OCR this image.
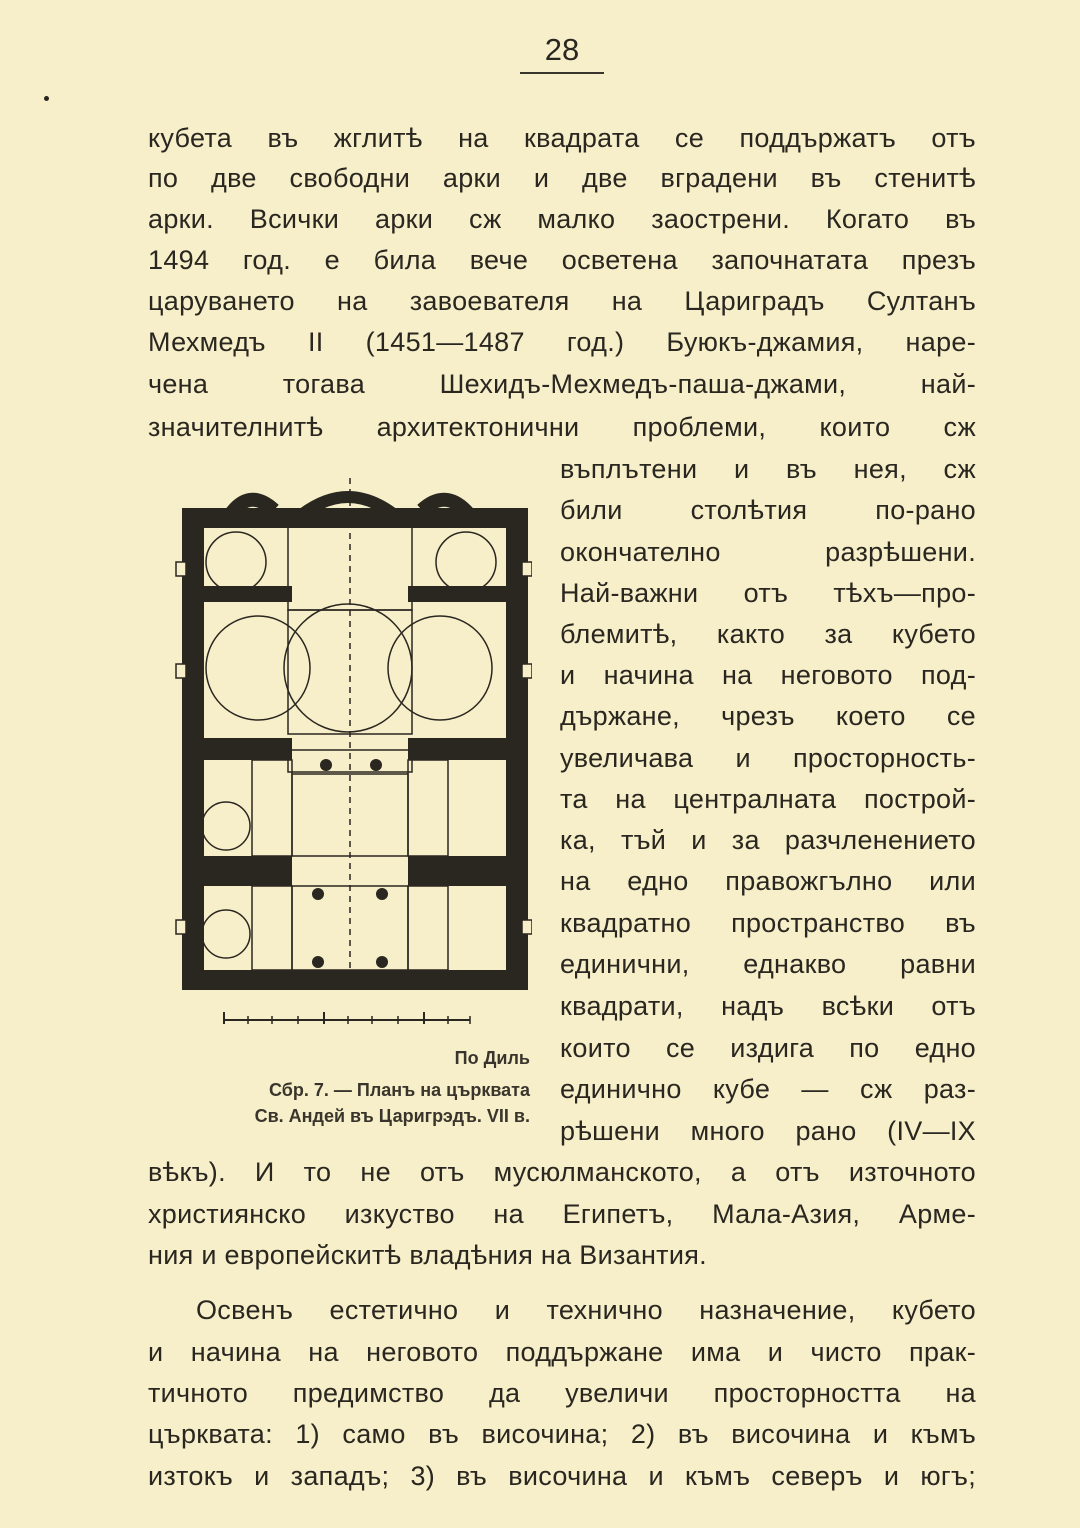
28
кубета въ жглитѣ на квадрата се поддържатъ отъ
по две свободни арки и две вградени въ стенитѣ
арки. Всички арки сж малко заострени. Когато въ
1494 год. е била вече осветена започнатата презъ
царуването на завоевателя на Цариградъ Султанъ
Мехмедъ II (1451—1487 год.) Буюкъ-джамия, наре-
чена тогава Шехидъ-Мехмедъ-паша-джами, най-
значителнитѣ архитектонични проблеми, които сж
въплътени и въ нея, сж
били столѣтия по-рано
окончателно разрѣшени.
Най-важни отъ тѣхъ—про-
блемитѣ, както за кубето
и начина на неговото под-
държане, чрезъ което се
увеличава и просторность-
та на централната построй-
ка, тъй и за разчленението
на едно правожгълно или
квадратно пространство въ
единични, еднакво равни
квадрати, надъ всѣки отъ
които се издига по едно
единично кубе — сж раз-
рѣшени много рано (IV—IX
вѣкъ). И то не отъ мусюлманското, а отъ източното
християнско изкуство на Египетъ, Мала-Азия, Арме-
ния и европейскитѣ владѣния на Византия.
Освенъ естетично и технично назначение, кубето
и начина на неговото поддържане има и чисто прак-
тичното предимство да увеличи просторността на
църквата: 1) само въ височина; 2) въ височина и къмъ
изтокъ и западъ; 3) въ височина и къмъ северъ и югъ;
По Диль
Сбр. 7. — Планъ на църквата
Св. Андей въ Царигрэдъ. VII в.
